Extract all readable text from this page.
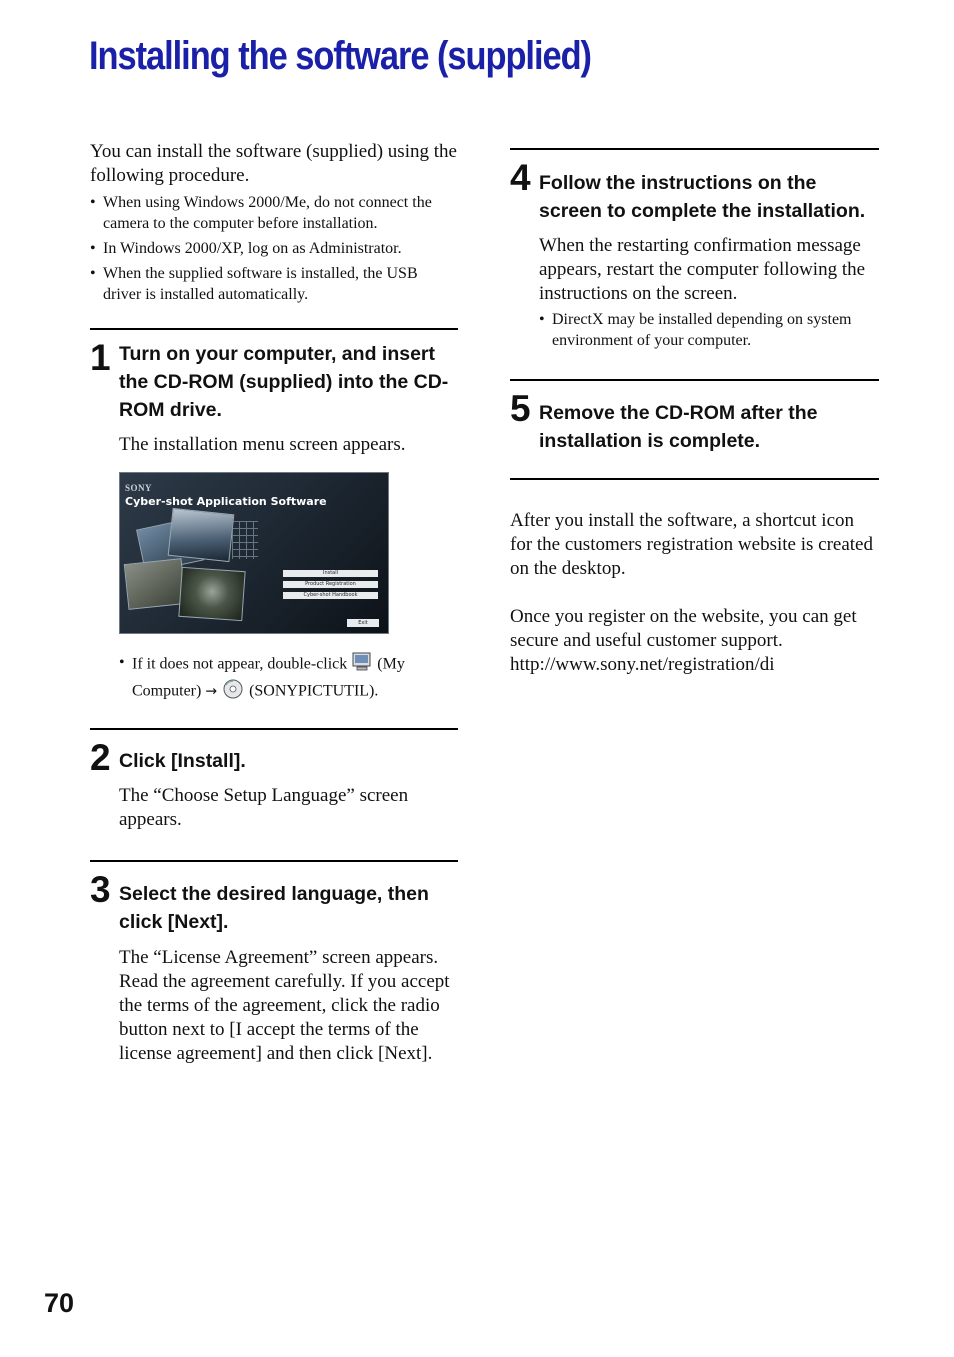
Installing the software (supplied)

You can install the software (supplied) using the following procedure.

• When using Windows 2000/Me, do not connect the camera to the computer before installation.
• In Windows 2000/XP, log on as Administrator.
• When the supplied software is installed, the USB driver is installed automatically.
1 Turn on your computer, and insert the CD-ROM (supplied) into the CD-ROM drive.

The installation menu screen appears.

SONY
Cyber-shot Application Software
Install
Product Registration
Cyber-shot Handbook
Exit
• If it does not appear, double-click (My Computer) → (SONYPICTUTIL).
2 Click [Install].

The “Choose Setup Language” screen appears.

3 Select the desired language, then click [Next].

The “License Agreement” screen appears.

Read the agreement carefully. If you accept the terms of the agreement, click the radio button next to [I accept the terms of the license agreement] and then click [Next].

4 Follow the instructions on the screen to complete the installation.

When the restarting confirmation message appears, restart the computer following the instructions on the screen.

• DirectX may be installed depending on system environment of your computer.
5 Remove the CD-ROM after the installation is complete.

After you install the software, a shortcut icon for the customers registration website is created on the desktop.

Once you register on the website, you can get secure and useful customer support.

http://www.sony.net/registration/di

70
